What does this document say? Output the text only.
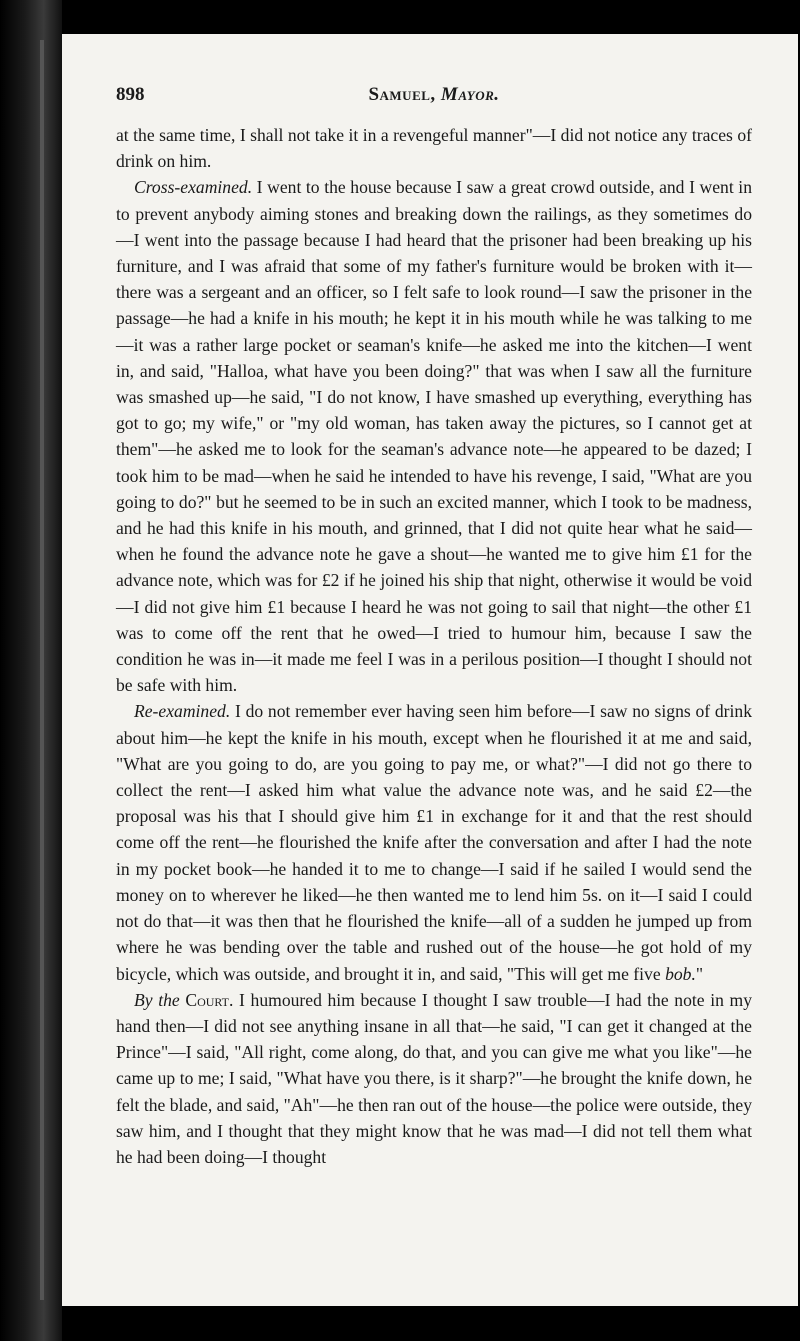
898	Samuel, Mayor.

at the same time, I shall not take it in a revengeful manner"—I did not notice any traces of drink on him.

Cross-examined. I went to the house because I saw a great crowd outside, and I went in to prevent anybody aiming stones and breaking down the railings, as they sometimes do—I went into the passage because I had heard that the prisoner had been breaking up his furniture, and I was afraid that some of my father's furniture would be broken with it—there was a sergeant and an officer, so I felt safe to look round—I saw the prisoner in the passage—he had a knife in his mouth; he kept it in his mouth while he was talking to me—it was a rather large pocket or seaman's knife—he asked me into the kitchen—I went in, and said, "Halloa, what have you been doing?" that was when I saw all the furniture was smashed up—he said, "I do not know, I have smashed up everything, everything has got to go; my wife," or "my old woman, has taken away the pictures, so I cannot get at them"—he asked me to look for the seaman's advance note—he appeared to be dazed; I took him to be mad—when he said he intended to have his revenge, I said, "What are you going to do?" but he seemed to be in such an excited manner, which I took to be madness, and he had this knife in his mouth, and grinned, that I did not quite hear what he said—when he found the advance note he gave a shout—he wanted me to give him £1 for the advance note, which was for £2 if he joined his ship that night, otherwise it would be void—I did not give him £1 because I heard he was not going to sail that night—the other £1 was to come off the rent that he owed—I tried to humour him, because I saw the condition he was in—it made me feel I was in a perilous position—I thought I should not be safe with him.

Re-examined. I do not remember ever having seen him before—I saw no signs of drink about him—he kept the knife in his mouth, except when he flourished it at me and said, "What are you going to do, are you going to pay me, or what?"—I did not go there to collect the rent—I asked him what value the advance note was, and he said £2—the proposal was his that I should give him £1 in exchange for it and that the rest should come off the rent—he flourished the knife after the conversation and after I had the note in my pocket book—he handed it to me to change—I said if he sailed I would send the money on to wherever he liked—he then wanted me to lend him 5s. on it—I said I could not do that—it was then that he flourished the knife—all of a sudden he jumped up from where he was bending over the table and rushed out of the house—he got hold of my bicycle, which was outside, and brought it in, and said, "This will get me five bob."

By the Court. I humoured him because I thought I saw trouble—I had the note in my hand then—I did not see anything insane in all that—he said, "I can get it changed at the Prince"—I said, "All right, come along, do that, and you can give me what you like"—he came up to me; I said, "What have you there, is it sharp?"—he brought the knife down, he felt the blade, and said, "Ah"—he then ran out of the house—the police were outside, they saw him, and I thought that they might know that he was mad—I did not tell them what he had been doing—I thought
